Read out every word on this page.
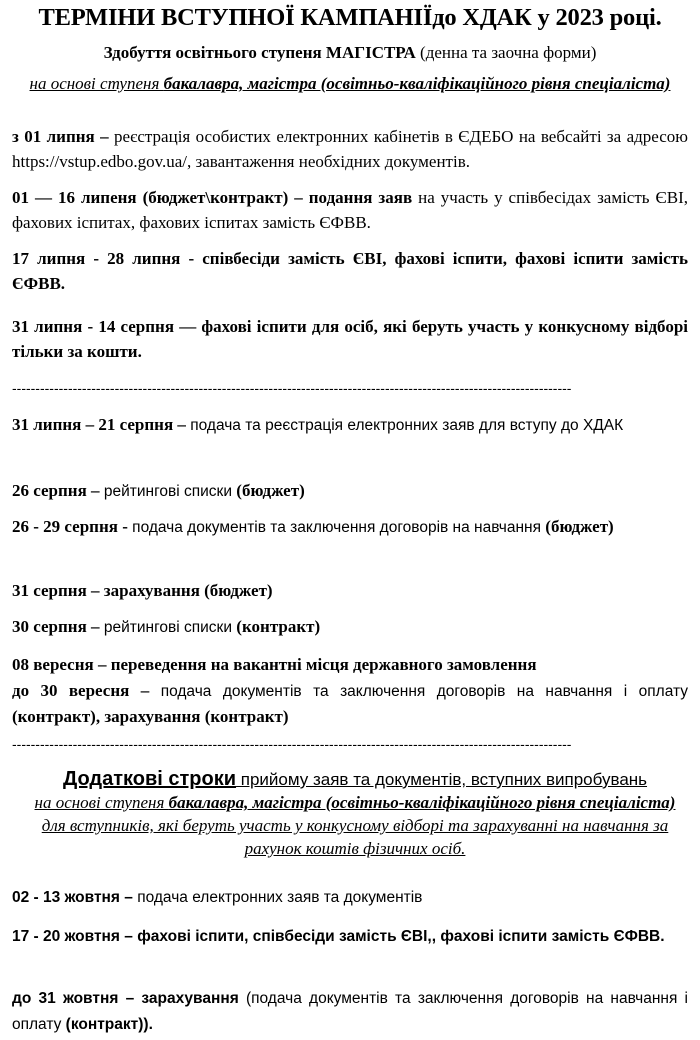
ТЕРМІНИ ВСТУПНОЇ КАМПАНІЇдо ХДАК у 2023 році.
Здобуття освітнього ступеня МАГІСТРА (денна та заочна форми)
на основі ступеня бакалавра, магістра (освітньо-кваліфікаційного рівня спеціаліста)
з 01 липня – реєстрація особистих електронних кабінетів в ЄДЕБО на вебсайті за адресою https://vstup.edbo.gov.ua/, завантаження необхідних документів.
01 — 16 липеня (бюджет\контракт) – подання заяв на участь у співбесідах замість ЄВІ, фахових іспитах, фахових іспитах замість ЄФВВ.
17 липня - 28 липня - співбесіди замість ЄВІ, фахові іспити, фахові іспити замість ЄФВВ.
31 липня - 14 серпня — фахові іспити для осіб, які беруть участь у конкусному відборі тільки за кошти.
------------------------------------------------------------------------------------------------------------------------
31 липня – 21 серпня – подача та реєстрація електронних заяв для вступу до ХДАК
26 серпня – рейтингові списки (бюджет)
26 - 29 серпня - подача документів та заключення договорів на навчання (бюджет)
31 серпня – зарахування (бюджет)
30 серпня – рейтингові списки (контракт)
08 вересня – переведення на вакантні місця державного замовлення
до 30 вересня – подача документів та заключення договорів на навчання і оплату (контракт), зарахування (контракт)
------------------------------------------------------------------------------------------------------------------------
Додаткові строки прийому заяв та документів, вступних випробувань
на основі ступеня бакалавра, магістра (освітньо-кваліфікаційного рівня спеціаліста) для вступників, які беруть участь у конкусному відборі та зарахуванні на навчання за рахунок коштів фізичних осіб.
02 - 13 жовтня – подача електронних заяв та документів
17 - 20 жовтня – фахові іспити, співбесіди замість ЄВІ,, фахові іспити замість ЄФВВ.
до 31 жовтня – зарахування (подача документів та заключення договорів на навчання і оплату (контракт)).
